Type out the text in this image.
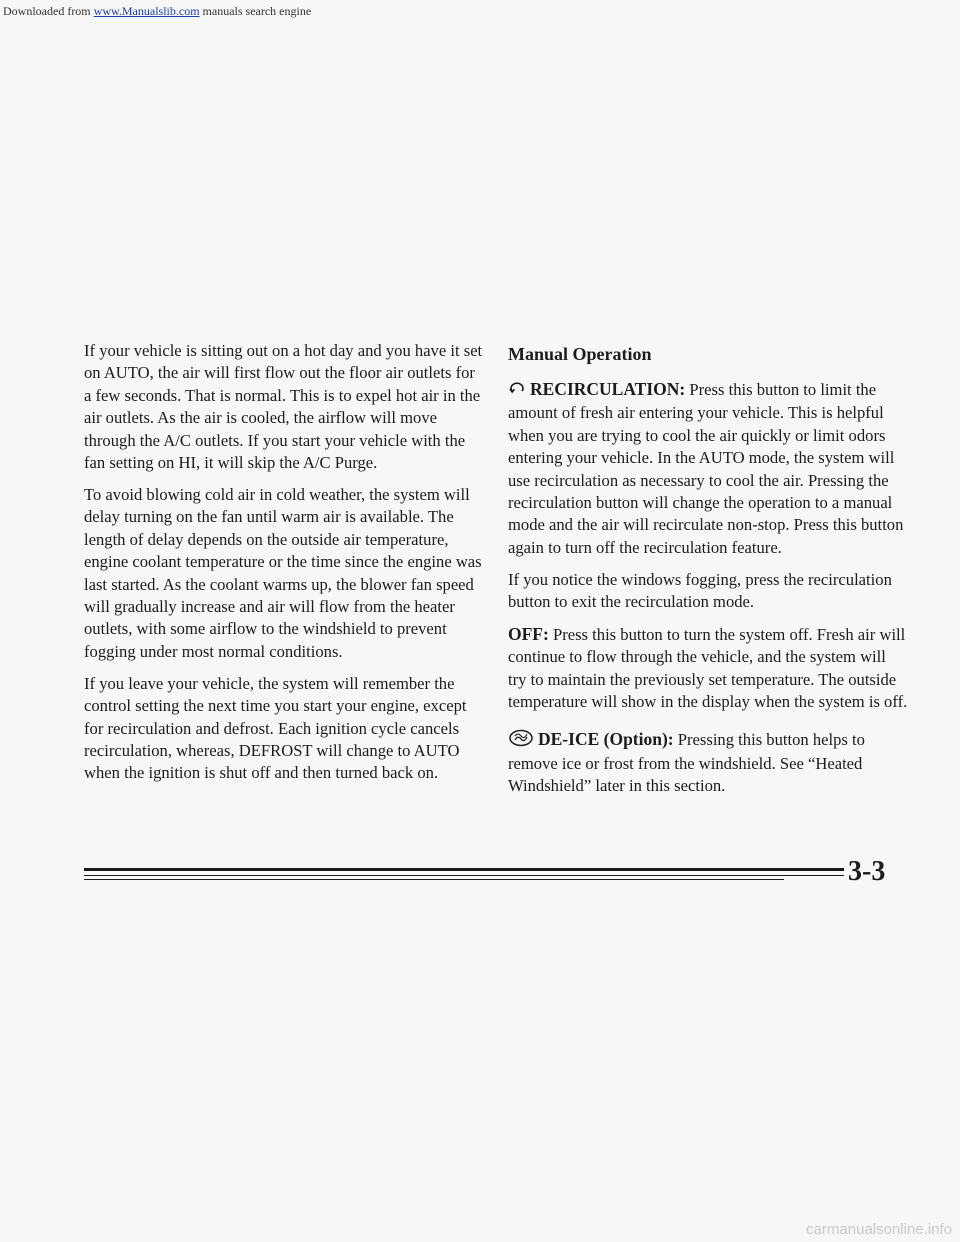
Downloaded from www.Manualslib.com manuals search engine

If your vehicle is sitting out on a hot day and you have it set on AUTO, the air will first flow out the floor air outlets for a few seconds. That is normal. This is to expel hot air in the air outlets. As the air is cooled, the airflow will move through the A/C outlets. If you start your vehicle with the fan setting on HI, it will skip the A/C Purge.

To avoid blowing cold air in cold weather, the system will delay turning on the fan until warm air is available. The length of delay depends on the outside air temperature, engine coolant temperature or the time since the engine was last started. As the coolant warms up, the blower fan speed will gradually increase and air will flow from the heater outlets, with some airflow to the windshield to prevent fogging under most normal conditions.

If you leave your vehicle, the system will remember the control setting the next time you start your engine, except for recirculation and defrost. Each ignition cycle cancels recirculation, whereas, DEFROST will change to AUTO when the ignition is shut off and then turned back on.

Manual Operation

RECIRCULATION: Press this button to limit the amount of fresh air entering your vehicle. This is helpful when you are trying to cool the air quickly or limit odors entering your vehicle. In the AUTO mode, the system will use recirculation as necessary to cool the air. Pressing the recirculation button will change the operation to a manual mode and the air will recirculate non-stop. Press this button again to turn off the recirculation feature.

If you notice the windows fogging, press the recirculation button to exit the recirculation mode.

OFF: Press this button to turn the system off. Fresh air will continue to flow through the vehicle, and the system will try to maintain the previously set temperature. The outside temperature will show in the display when the system is off.

DE-ICE (Option): Pressing this button helps to remove ice or frost from the windshield. See “Heated Windshield” later in this section.

3-3
carmanualsonline.info
